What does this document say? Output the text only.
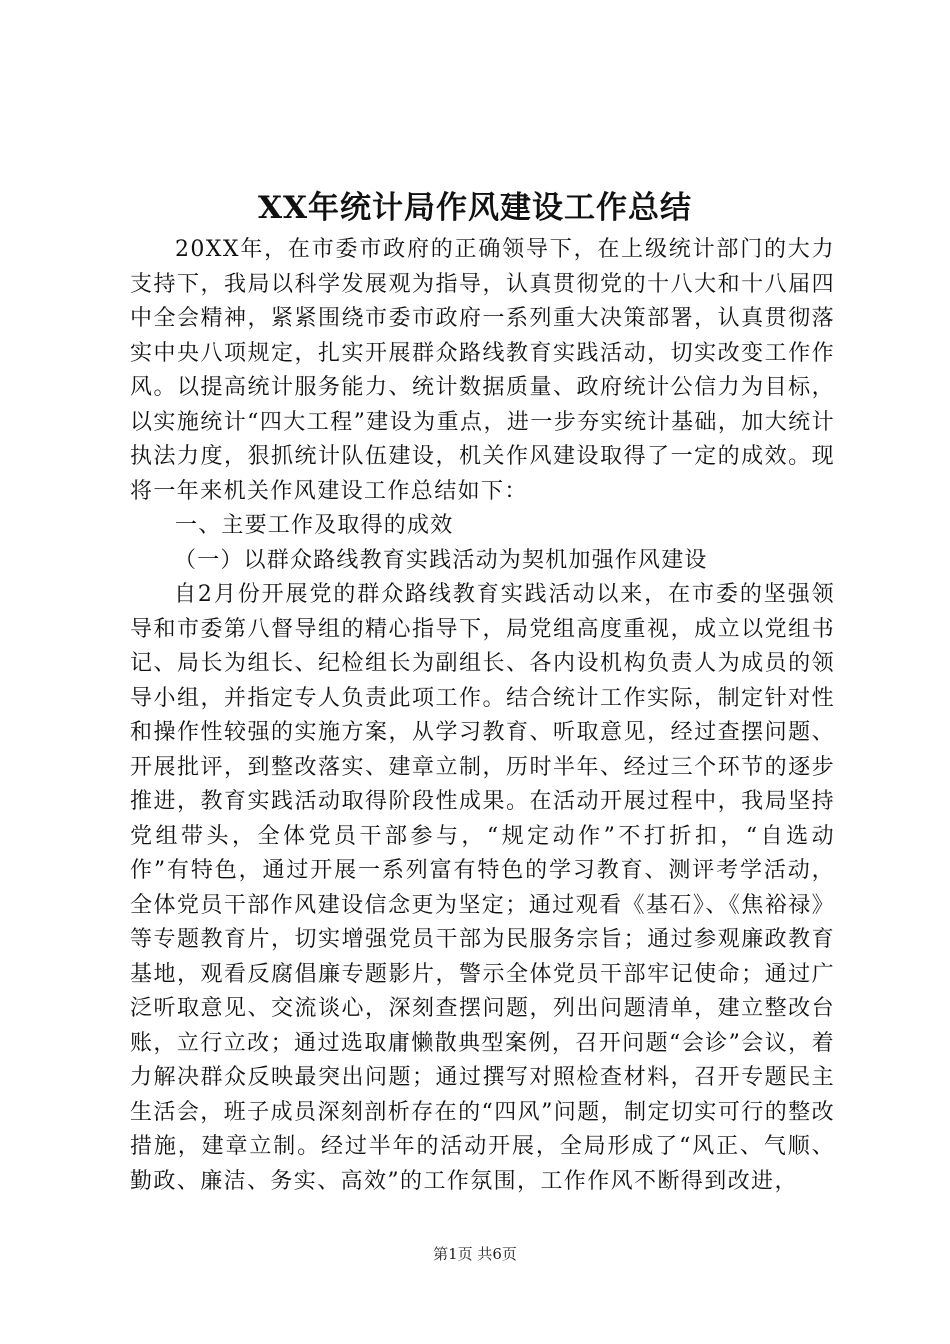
XX年统计局作风建设工作总结

20XX年，在市委市政府的正确领导下，在上级统计部门的大力支持下，我局以科学发展观为指导，认真贯彻党的十八大和十八届四中全会精神，紧紧围绕市委市政府一系列重大决策部署，认真贯彻落实中央八项规定，扎实开展群众路线教育实践活动，切实改变工作作风。以提高统计服务能力、统计数据质量、政府统计公信力为目标，以实施统计“四大工程”建设为重点，进一步夯实统计基础，加大统计执法力度，狠抓统计队伍建设，机关作风建设取得了一定的成效。现将一年来机关作风建设工作总结如下：

一、主要工作及取得的成效

（一）以群众路线教育实践活动为契机加强作风建设

自2月份开展党的群众路线教育实践活动以来，在市委的坚强领导和市委第八督导组的精心指导下，局党组高度重视，成立以党组书记、局长为组长、纪检组长为副组长、各内设机构负责人为成员的领导小组，并指定专人负责此项工作。结合统计工作实际，制定针对性和操作性较强的实施方案，从学习教育、听取意见，经过查摆问题、开展批评，到整改落实、建章立制，历时半年、经过三个环节的逐步推进，教育实践活动取得阶段性成果。在活动开展过程中，我局坚持党组带头，全体党员干部参与，“规定动作”不打折扣，“自选动作”有特色，通过开展一系列富有特色的学习教育、测评考学活动，全体党员干部作风建设信念更为坚定；通过观看《基石》、《焦裕禄》等专题教育片，切实增强党员干部为民服务宗旨；通过参观廉政教育基地，观看反腐倡廉专题影片，警示全体党员干部牢记使命；通过广泛听取意见、交流谈心，深刻查摆问题，列出问题清单，建立整改台账，立行立改；通过选取庸懒散典型案例，召开问题“会诊”会议，着力解决群众反映最突出问题；通过撰写对照检查材料，召开专题民主生活会，班子成员深刻剖析存在的“四风”问题，制定切实可行的整改措施，建章立制。经过半年的活动开展，全局形成了“风正、气顺、勤政、廉洁、务实、高效”的工作氛围，工作作风不断得到改进，

第1页 共6页
